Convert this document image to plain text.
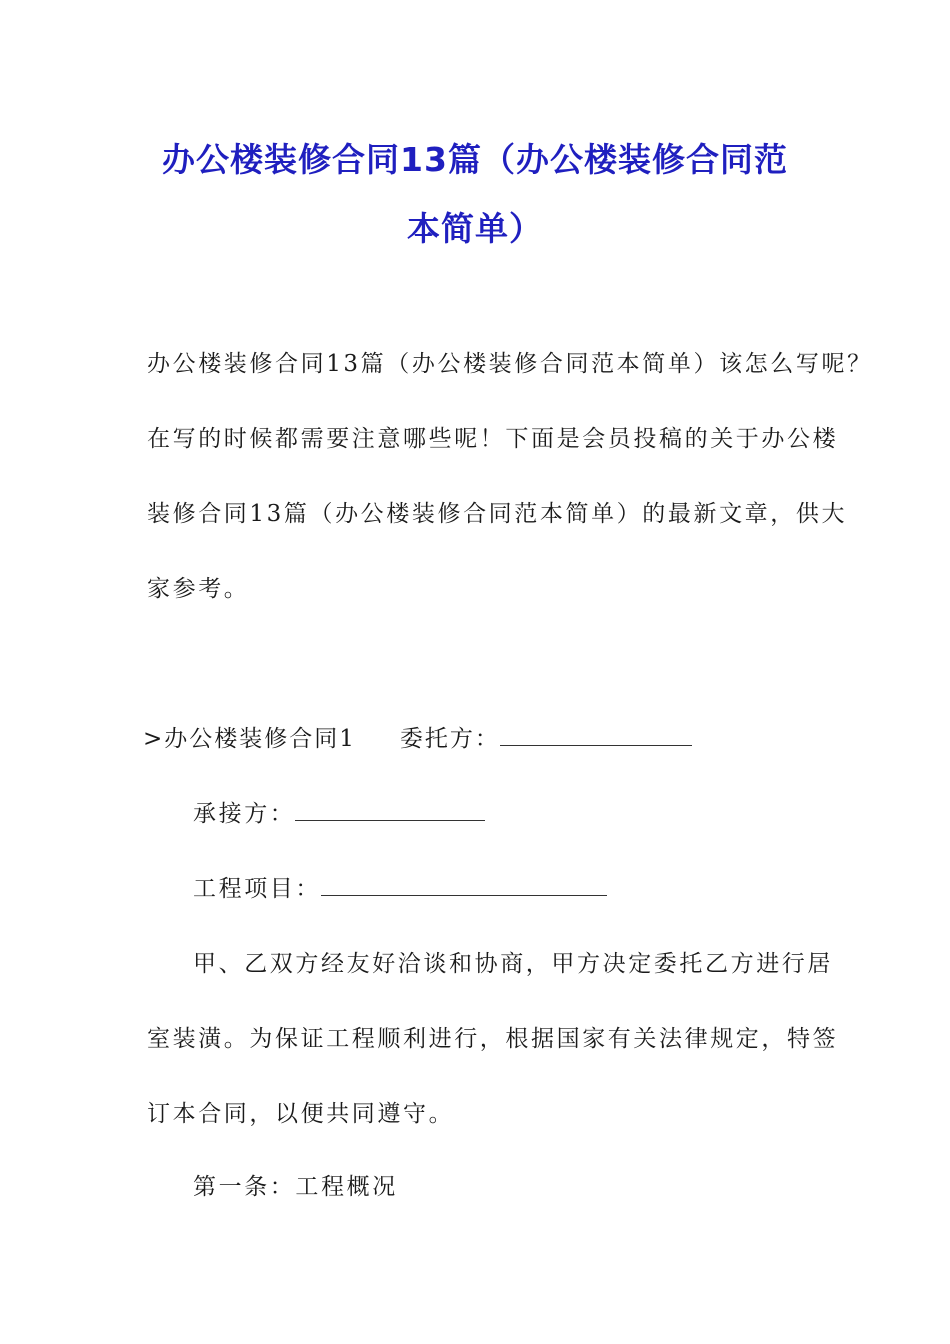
办公楼装修合同13篇（办公楼装修合同范
本简单）

办公楼装修合同13篇（办公楼装修合同范本简单）该怎么写呢？

在写的时候都需要注意哪些呢！下面是会员投稿的关于办公楼

装修合同13篇（办公楼装修合同范本简单）的最新文章，供大

家参考。

>办公楼装修合同1 委托方：

承接方：

工程项目：

甲、乙双方经友好洽谈和协商，甲方决定委托乙方进行居

室装潢。为保证工程顺利进行，根据国家有关法律规定，特签

订本合同，以便共同遵守。

第一条：工程概况
